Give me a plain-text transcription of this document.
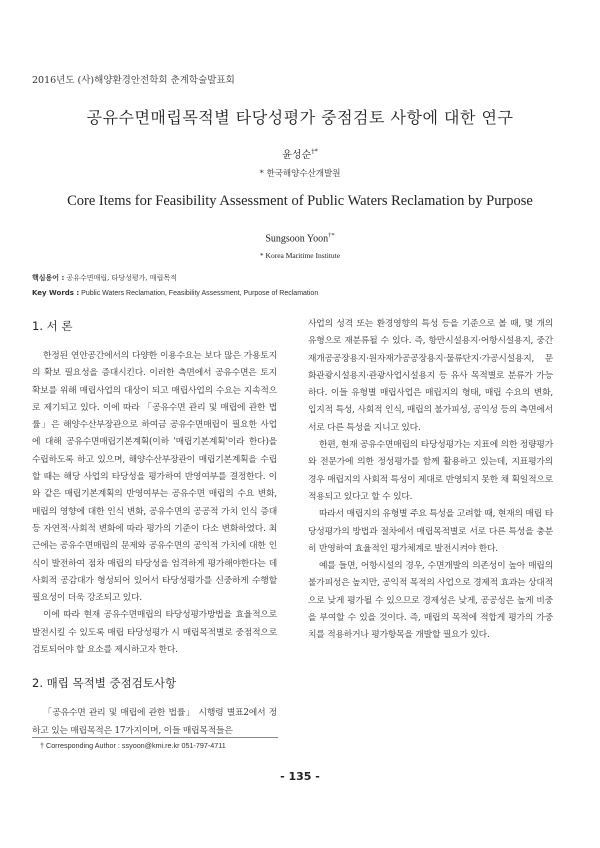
2016년도 (사)해양환경안전학회 춘계학술발표회
공유수면매립목적별 타당성평가 중점검토 사항에 대한 연구
윤성순†*
* 한국해양수산개발원
Core Items for Feasibility Assessment of Public Waters Reclamation by Purpose
Sungsoon Yoon†*
* Korea Maritime Institute
핵심용어 : 공유수면매립, 타당성평가, 매립목적
Key Words : Public Waters Reclamation, Feasibility Assessment, Purpose of Reclamation
1. 서 론

한정된 연안공간에서의 다양한 이용수요는 보다 많은 가용토지의 확보 필요성을 증대시킨다. 이러한 측면에서 공유수면은 토지 확보를 위해 매립사업의 대상이 되고 매립사업의 수요는 지속적으로 제기되고 있다. 이에 따라 「공유수면 관리 및 매립에 관한 법률」은 해양수산부장관으로 하여금 공유수면매립이 필요한 사업에 대해 공유수면매립기본계획(이하 '매립기본계획'이라 한다)을 수립하도록 하고 있으며, 해양수산부장관이 매립기본계획을 수립할 때는 해당 사업의 타당성을 평가하여 반영여부를 결정한다. 이와 같은 매립기본계획의 반영여부는 공유수면 매립의 수요 변화, 매립의 영향에 대한 인식 변화, 공유수면의 공공적 가치 인식 증대 등 자연적·사회적 변화에 따라 평가의 기준이 다소 변화하였다. 최근에는 공유수면매립의 문제와 공유수면의 공익적 가치에 대한 인식이 발전하여 점차 매립의 타당성을 엄격하게 평가해야한다는 데 사회적 공감대가 형성되어 있어서 타당성평가를 신중하게 수행할 필요성이 더욱 강조되고 있다.

이에 따라 현재 공유수면매립의 타당성평가방법을 효율적으로 발전시킬 수 있도록 매립 타당성평가 시 매립목적별로 중점적으로 검토되어야 할 요소를 제시하고자 한다.

2. 매립 목적별 중점검토사항

「공유수면 관리 및 매립에 관한 법률」 시행령 별표2에서 정하고 있는 매립목적은 17가지이며, 이들 매립목적들은

사업의 성격 또는 환경영향의 특성 등을 기준으로 볼 때, 몇 개의 유형으로 재분류될 수 있다. 즉, 항만시설용지·어항시설용지, 중간재개공공장용지·원자재가공공장용지·물류단지·가공시설용지, 문화관광시설용지·관광사업시설용지 등 유사 목적별로 분류가 가능하다. 이들 유형별 매립사업은 매립지의 형태, 매립 수요의 변화, 입지적 특성, 사회적 인식, 매립의 불가피성, 공익성 등의 측면에서 서로 다른 특성을 지니고 있다.

한편, 현재 공유수면매립의 타당성평가는 지표에 의한 정량평가와 전문가에 의한 정성평가를 함께 활용하고 있는데, 지표평가의 경우 매립지의 사회적 특성이 제대로 반영되지 못한 채 획일적으로 적용되고 있다고 할 수 있다.

따라서 매립지의 유형별 주요 특성을 고려할 때, 현재의 매립 타당성평가의 방법과 절차에서 매립목적별로 서로 다른 특성을 충분히 반영하여 효율적인 평가체계로 발전시켜야 한다.

예를 들면, 어항시설의 경우, 수면개발의 의존성이 높아 매립의 불가피성은 높지만, 공익적 목적의 사업으로 경제적 효과는 상대적으로 낮게 평가될 수 있으므로 경제성은 낮게, 공공성은 높게 비중을 부여할 수 있을 것이다. 즉, 매립의 목적에 적합게 평가의 가중치를 적용하거나 평가항목을 개발할 필요가 있다.

† Corresponding Author : ssyoon@kmi.re.kr 051-797-4711
- 135 -
